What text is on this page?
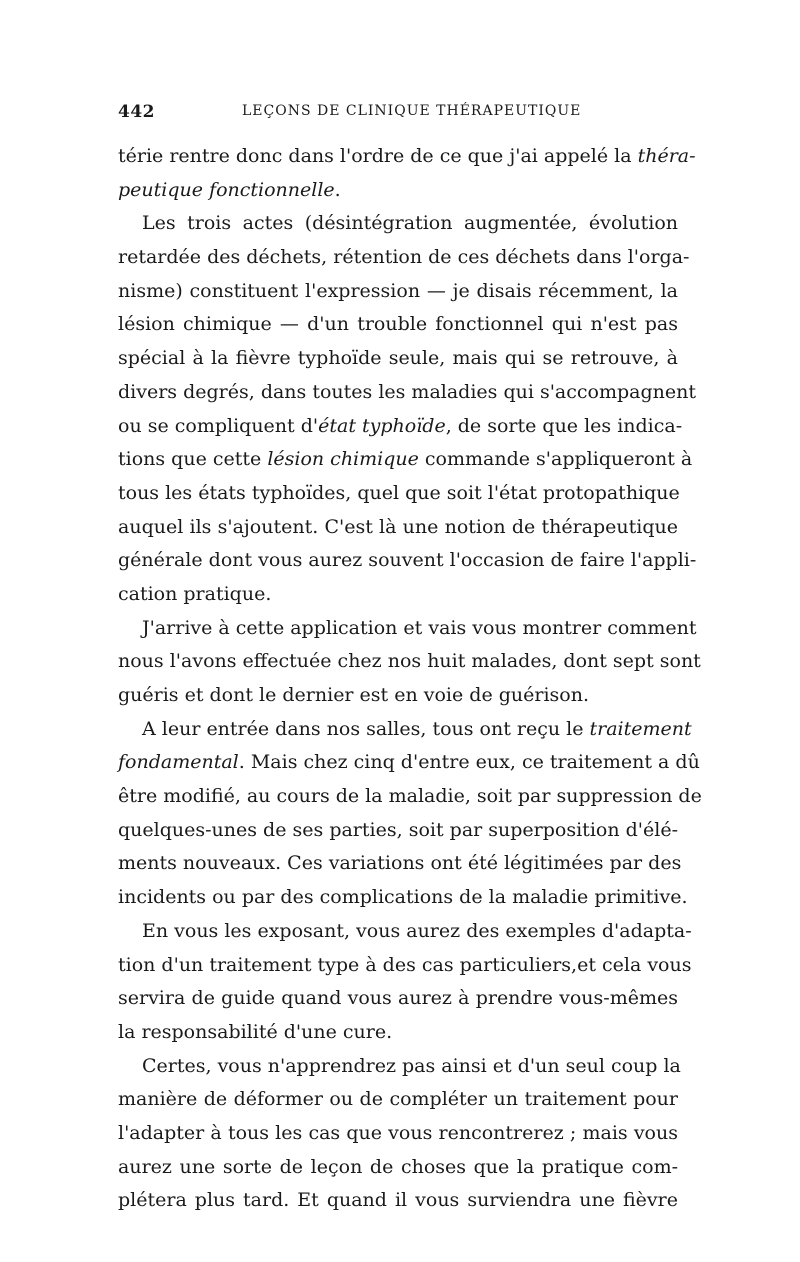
442	LEÇONS DE CLINIQUE THÉRAPEUTIQUE
térie rentre donc dans l'ordre de ce que j'ai appelé la théra-
peutique fonctionnelle.
Les trois actes (désintégration augmentée, évolution
retardée des déchets, rétention de ces déchets dans l'orga-
nisme) constituent l'expression — je disais récemment, la
lésion chimique — d'un trouble fonctionnel qui n'est pas
spécial à la fièvre typhoïde seule, mais qui se retrouve, à
divers degrés, dans toutes les maladies qui s'accompagnent
ou se compliquent d'état typhoïde, de sorte que les indica-
tions que cette lésion chimique commande s'appliqueront à
tous les états typhoïdes, quel que soit l'état protopathique
auquel ils s'ajoutent. C'est là une notion de thérapeutique
générale dont vous aurez souvent l'occasion de faire l'appli-
cation pratique.
J'arrive à cette application et vais vous montrer comment
nous l'avons effectuée chez nos huit malades, dont sept sont
guéris et dont le dernier est en voie de guérison.
A leur entrée dans nos salles, tous ont reçu le traitement
fondamental. Mais chez cinq d'entre eux, ce traitement a dû
être modifié, au cours de la maladie, soit par suppression de
quelques-unes de ses parties, soit par superposition d'élé-
ments nouveaux. Ces variations ont été légitimées par des
incidents ou par des complications de la maladie primitive.
En vous les exposant, vous aurez des exemples d'adapta-
tion d'un traitement type à des cas particuliers,et cela vous
servira de guide quand vous aurez à prendre vous-mêmes
la responsabilité d'une cure.
Certes, vous n'apprendrez pas ainsi et d'un seul coup la
manière de déformer ou de compléter un traitement pour
l'adapter à tous les cas que vous rencontrerez ; mais vous
aurez une sorte de leçon de choses que la pratique com-
plétera plus tard. Et quand il vous surviendra une fièvre
